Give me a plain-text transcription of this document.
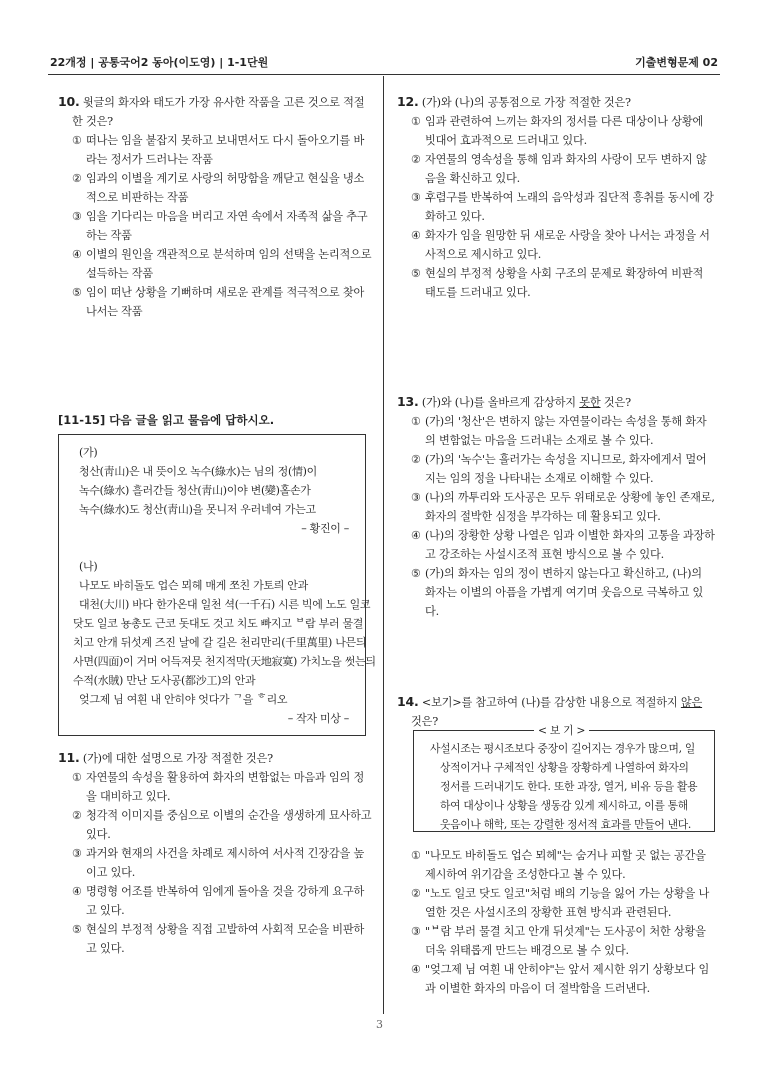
22개정 | 공통국어2 동아(이도영) | 1-1단원	기출변형문제 02
10. 윗글의 화자와 태도가 가장 유사한 작품을 고른 것으로 적절한 것은?
① 떠나는 임을 붙잡지 못하고 보내면서도 다시 돌아오기를 바라는 정서가 드러나는 작품
② 임과의 이별을 계기로 사랑의 허망함을 깨닫고 현실을 냉소적으로 비판하는 작품
③ 임을 기다리는 마음을 버리고 자연 속에서 자족적 삶을 추구하는 작품
④ 이별의 원인을 객관적으로 분석하며 임의 선택을 논리적으로 설득하는 작품
⑤ 임이 떠난 상황을 기뻐하며 새로운 관계를 적극적으로 찾아 나서는 작품
[11-15] 다음 글을 읽고 물음에 답하시오.
(가)
청산(靑山)은 내 뜻이오 녹수(綠水)는 님의 정(情)이
녹수(綠水) 흘러간들 청산(靑山)이야 변(變)홀손가
녹수(綠水)도 청산(靑山)을 못니저 우러네여 가는고
– 황진이 –
(나)
나모도 바히돌도 업슨 뫼헤 매게 쪼친 가토릐 안과
대천(大川) 바다 한가온대 일천 셕(一千石) 시른 빅에 노도 일코
닷도 일코 뇽총도 근코 돗대도 것고 치도 빠지고 ᄇ람 부러 물결
치고 안개 뒤섯계 즈진 날에 갈 길은 천리만리(千里萬里) 나믄듸
사면(四面)이 거머 어득져믓 천지적막(天地寂寞) 가치노을 썻는듸
수적(水賊) 만난 도사공(都沙工)의 안과
엊그제 님 여흰 내 안히야 엇다가 ᄀ을 ᄒ리오
– 작자 미상 –
11. (가)에 대한 설명으로 가장 적절한 것은?
① 자연물의 속성을 활용하여 화자의 변함없는 마음과 임의 정을 대비하고 있다.
② 청각적 이미지를 중심으로 이별의 순간을 생생하게 묘사하고 있다.
③ 과거와 현재의 사건을 차례로 제시하여 서사적 긴장감을 높이고 있다.
④ 명령형 어조를 반복하여 임에게 돌아올 것을 강하게 요구하고 있다.
⑤ 현실의 부정적 상황을 직접 고발하여 사회적 모순을 비판하고 있다.
12. (가)와 (나)의 공통점으로 가장 적절한 것은?
① 임과 관련하여 느끼는 화자의 정서를 다른 대상이나 상황에 빗대어 효과적으로 드러내고 있다.
② 자연물의 영속성을 통해 임과 화자의 사랑이 모두 변하지 않음을 확신하고 있다.
③ 후렴구를 반복하여 노래의 음악성과 집단적 흥취를 동시에 강화하고 있다.
④ 화자가 임을 원망한 뒤 새로운 사랑을 찾아 나서는 과정을 서사적으로 제시하고 있다.
⑤ 현실의 부정적 상황을 사회 구조의 문제로 확장하여 비판적 태도를 드러내고 있다.
13. (가)와 (나)를 올바르게 감상하지 못한 것은?
① (가)의 '청산'은 변하지 않는 자연물이라는 속성을 통해 화자의 변함없는 마음을 드러내는 소재로 볼 수 있다.
② (가)의 '녹수'는 흘러가는 속성을 지니므로, 화자에게서 멀어지는 임의 정을 나타내는 소재로 이해할 수 있다.
③ (나)의 까투리와 도사공은 모두 위태로운 상황에 놓인 존재로, 화자의 절박한 심정을 부각하는 데 활용되고 있다.
④ (나)의 장황한 상황 나열은 임과 이별한 화자의 고통을 과장하고 강조하는 사설시조적 표현 방식으로 볼 수 있다.
⑤ (가)의 화자는 임의 정이 변하지 않는다고 확신하고, (나)의 화자는 이별의 아픔을 가볍게 여기며 웃음으로 극복하고 있다.
14. <보기>를 참고하여 (나)를 감상한 내용으로 적절하지 않은 것은?
< 보 기 >
사설시조는 평시조보다 중장이 길어지는 경우가 많으며, 일상적이거나 구체적인 상황을 장황하게 나열하여 화자의 정서를 드러내기도 한다. 또한 과장, 열거, 비유 등을 활용하여 대상이나 상황을 생동감 있게 제시하고, 이를 통해 웃음이나 해학, 또는 강렬한 정서적 효과를 만들어 낸다.
① "나모도 바히돌도 업슨 뫼헤"는 숨거나 피할 곳 없는 공간을 제시하여 위기감을 조성한다고 볼 수 있다.
② "노도 일코 닷도 일코"처럼 배의 기능을 잃어 가는 상황을 나열한 것은 사설시조의 장황한 표현 방식과 관련된다.
③ "ᄇ람 부러 물결 치고 안개 뒤섯계"는 도사공이 처한 상황을 더욱 위태롭게 만드는 배경으로 볼 수 있다.
④ "엊그제 님 여흰 내 안히야"는 앞서 제시한 위기 상황보다 임과 이별한 화자의 마음이 더 절박함을 드러낸다.
3
